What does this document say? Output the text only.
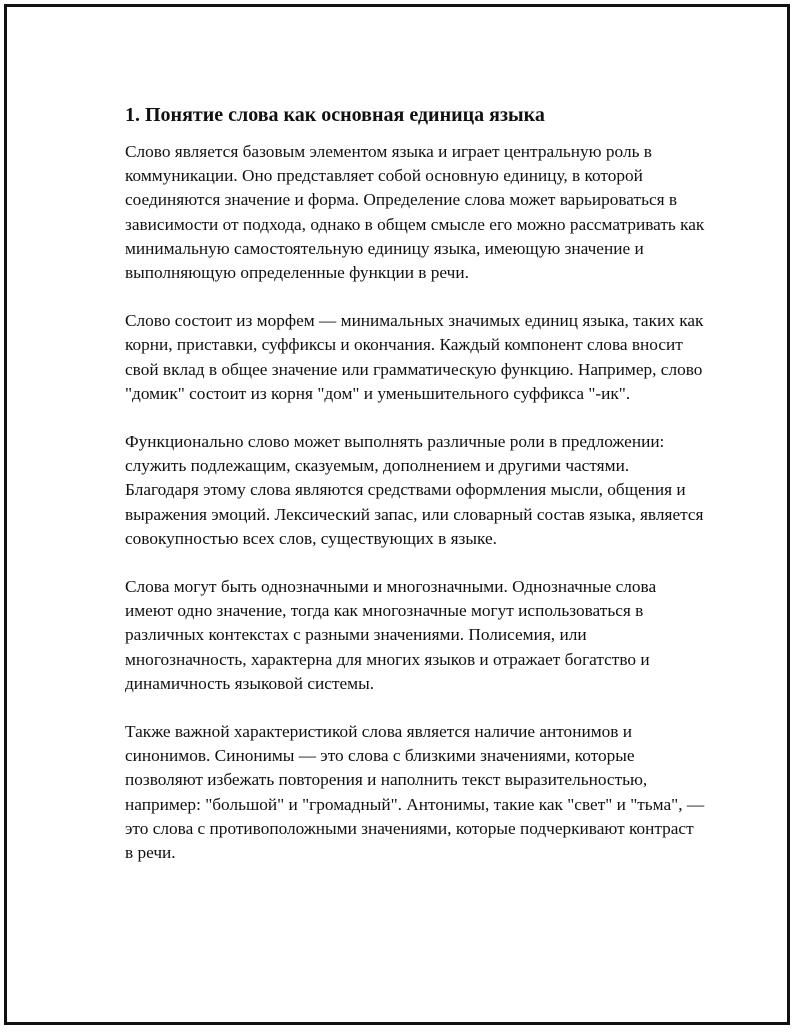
1. Понятие слова как основная единица языка

Слово является базовым элементом языка и играет центральную роль в коммуникации. Оно представляет собой основную единицу, в которой соединяются значение и форма. Определение слова может варьироваться в зависимости от подхода, однако в общем смысле его можно рассматривать как минимальную самостоятельную единицу языка, имеющую значение и выполняющую определенные функции в речи.

Слово состоит из морфем — минимальных значимых единиц языка, таких как корни, приставки, суффиксы и окончания. Каждый компонент слова вносит свой вклад в общее значение или грамматическую функцию. Например, слово "домик" состоит из корня "дом" и уменьшительного суффикса "-ик".

Функционально слово может выполнять различные роли в предложении: служить подлежащим, сказуемым, дополнением и другими частями. Благодаря этому слова являются средствами оформления мысли, общения и выражения эмоций. Лексический запас, или словарный состав языка, является совокупностью всех слов, существующих в языке.

Слова могут быть однозначными и многозначными. Однозначные слова имеют одно значение, тогда как многозначные могут использоваться в различных контекстах с разными значениями. Полисемия, или многозначность, характерна для многих языков и отражает богатство и динамичность языковой системы.

Также важной характеристикой слова является наличие антонимов и синонимов. Синонимы — это слова с близкими значениями, которые позволяют избежать повторения и наполнить текст выразительностью, например: "большой" и "громадный". Антонимы, такие как "свет" и "тьма", — это слова с противоположными значениями, которые подчеркивают контраст в речи.
